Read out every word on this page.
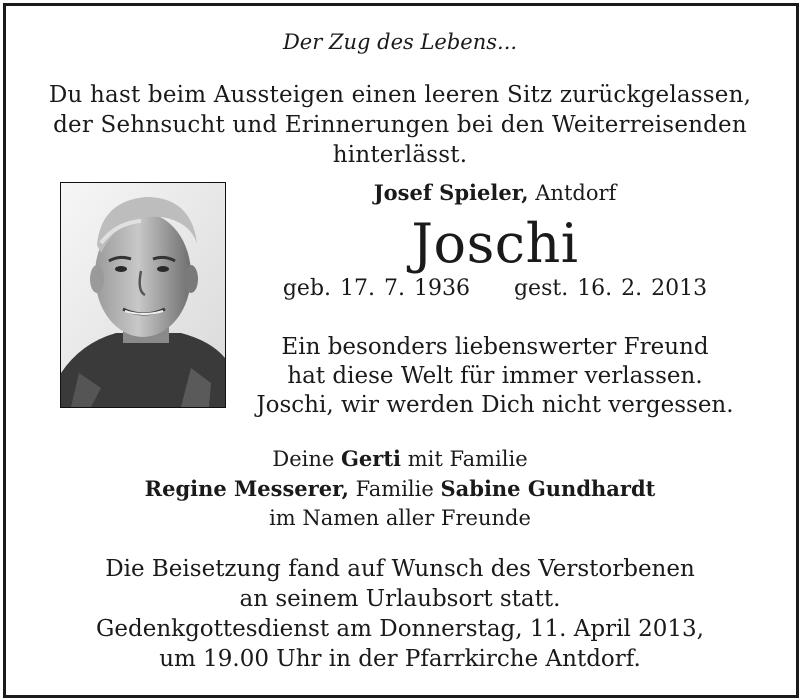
Der Zug des Lebens...
Du hast beim Aussteigen einen leeren Sitz zurückgelassen,
der Sehnsucht und Erinnerungen bei den Weiterreisenden
hinterlässt.
Josef Spieler, Antdorf
Joschi
geb. 17. 7. 1936 gest. 16. 2. 2013
Ein besonders liebenswerter Freund
hat diese Welt für immer verlassen.
Joschi, wir werden Dich nicht vergessen.
Deine Gerti mit Familie
Regine Messerer, Familie Sabine Gundhardt
im Namen aller Freunde
Die Beisetzung fand auf Wunsch des Verstorbenen
an seinem Urlaubsort statt.
Gedenkgottesdienst am Donnerstag, 11. April 2013,
um 19.00 Uhr in der Pfarrkirche Antdorf.
